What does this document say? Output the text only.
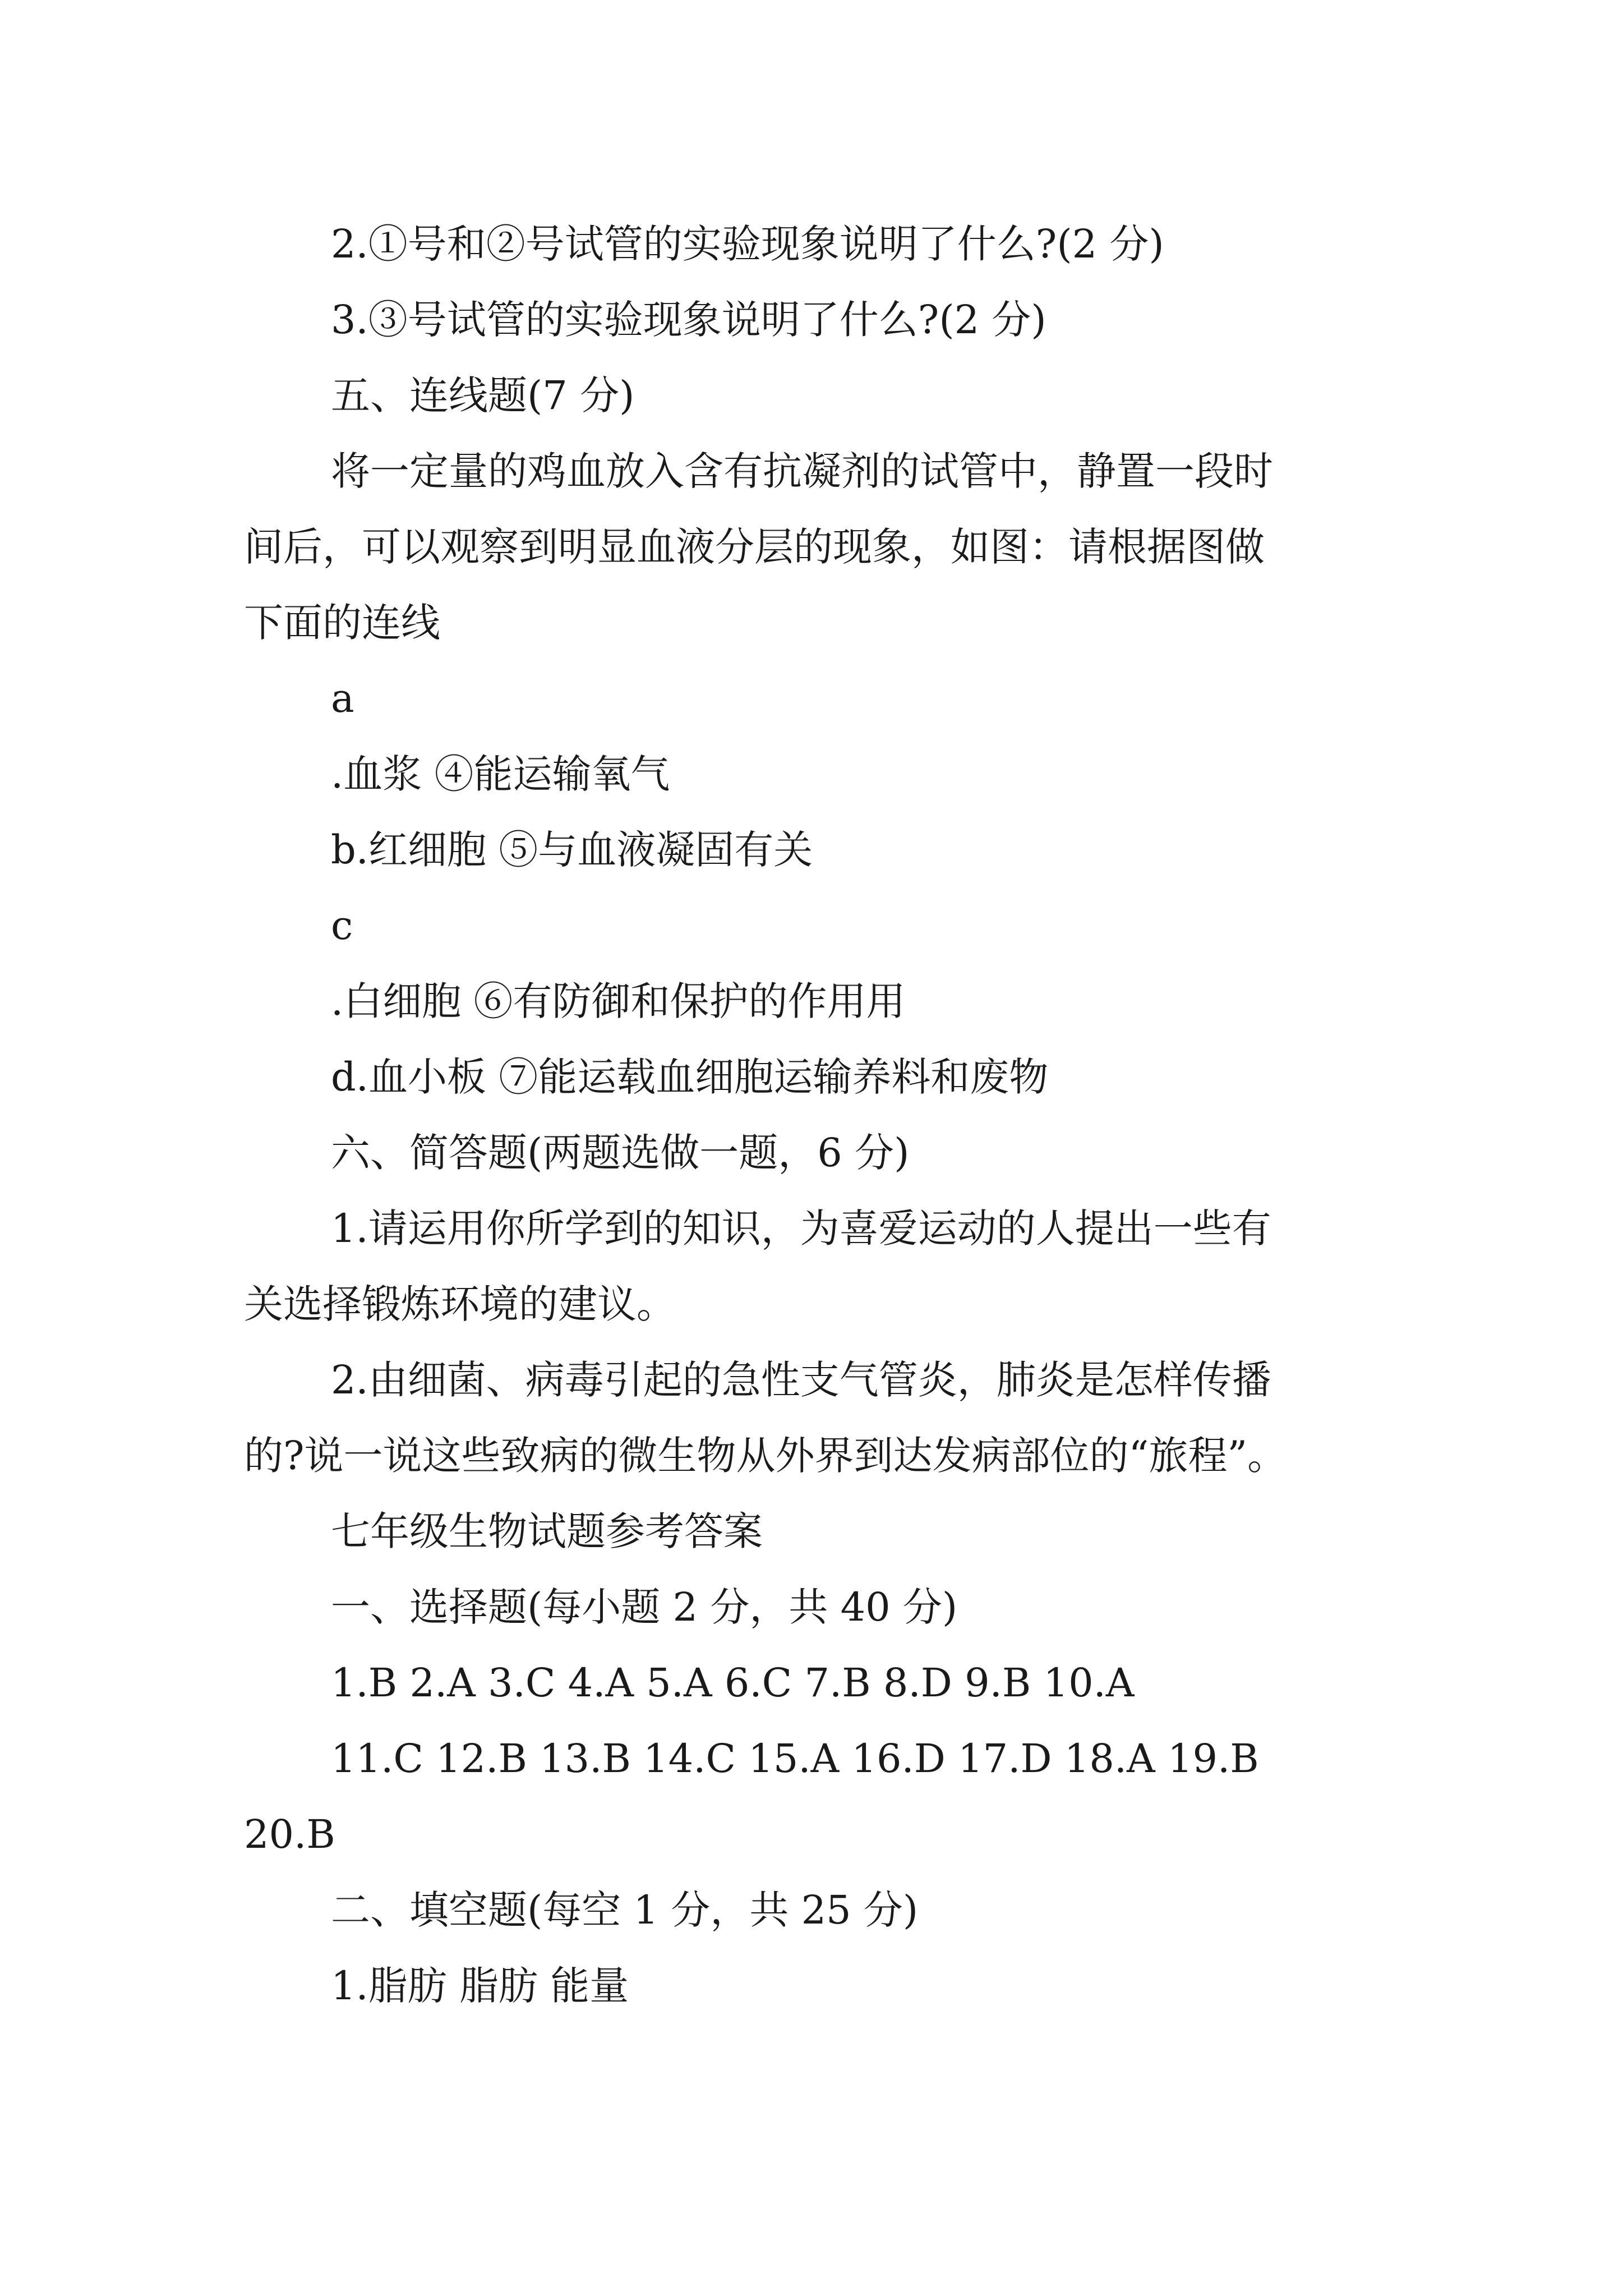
2.①号和②号试管的实验现象说明了什么?(2 分)
3.③号试管的实验现象说明了什么?(2 分)
五、连线题(7 分)
将一定量的鸡血放入含有抗凝剂的试管中，静置一段时
间后，可以观察到明显血液分层的现象，如图：请根据图做
下面的连线
a
.血浆 ④能运输氧气
b.红细胞 ⑤与血液凝固有关
c
.白细胞 ⑥有防御和保护的作用用
d.血小板 ⑦能运载血细胞运输养料和废物
六、简答题(两题选做一题，6 分)
1.请运用你所学到的知识，为喜爱运动的人提出一些有
关选择锻炼环境的建议。
2.由细菌、病毒引起的急性支气管炎，肺炎是怎样传播
的?说一说这些致病的微生物从外界到达发病部位的“旅程”。
七年级生物试题参考答案
一、选择题(每小题 2 分，共 40 分)
1.B 2.A 3.C 4.A 5.A 6.C 7.B 8.D 9.B 10.A
11.C 12.B 13.B 14.C 15.A 16.D 17.D 18.A 19.B
20.B
二、填空题(每空 1 分，共 25 分)
1.脂肪 脂肪 能量
